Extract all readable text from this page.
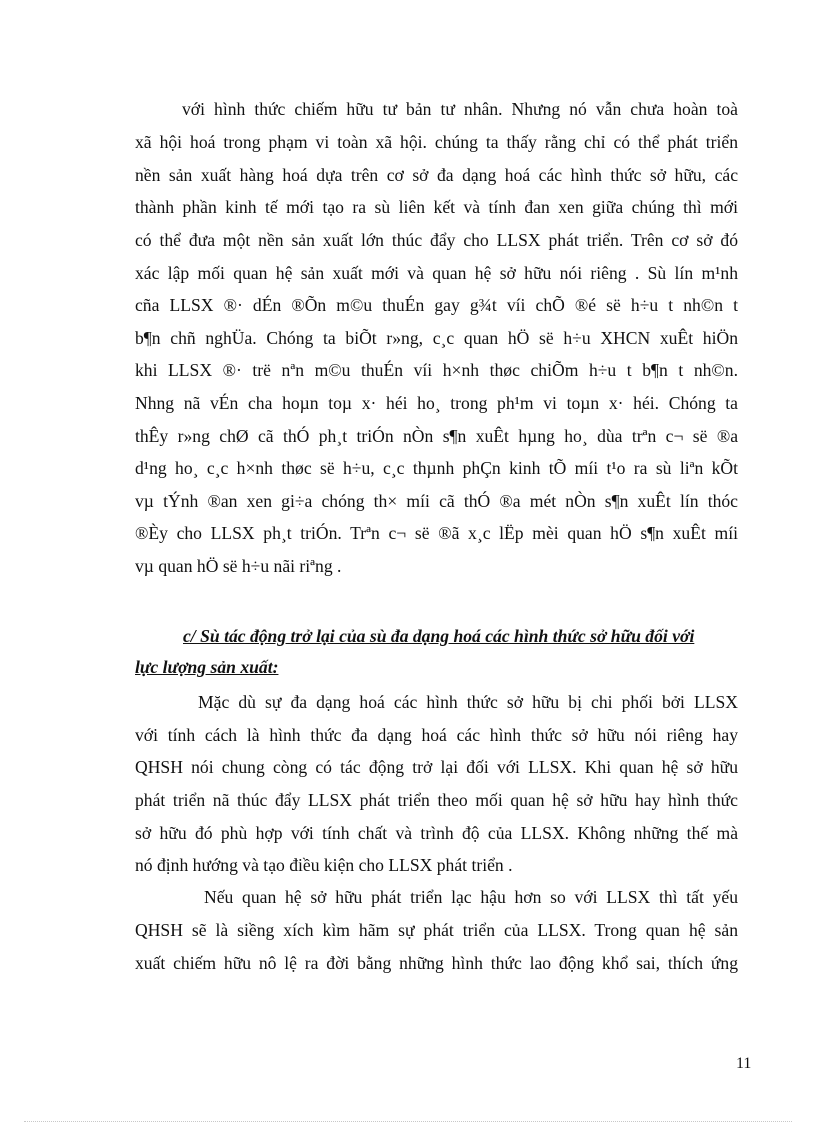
với hình thức chiếm hữu tư bản tư nhân. Nhưng nó vẫn chưa hoàn toà
xã hội hoá trong phạm vi toàn xã hội. chúng ta thấy rằng chỉ có thể phát triển
nền sản xuất hàng hoá dựa trên cơ sở đa dạng hoá các hình thức sở hữu, các
thành phần kinh tế mới tạo ra sù liên kết và tính đan xen giữa chúng thì mới
có thể đưa một nền sản xuất lớn thúc đẩy cho LLSX phát triển. Trên cơ sở đó
xác lập mối quan hệ sản xuất mới và quan hệ sở hữu nói riêng . Sù lín m¹nh
cña LLSX ®· dÉn ®Õn m©u thuÉn gay g¾t víi chÕ ®é së h÷u t nh©n t
b¶n chñ nghÜa. Chóng ta biÕt r»ng, c¸c quan hÖ së h÷u XHCN xuÊt hiÖn
khi LLSX ®· trë nªn m©u thuÉn víi h×nh thøc chiÕm h÷u t b¶n t nh©n.
Nhng nã vÉn cha hoµn toµ x· héi ho¸ trong ph¹m vi toµn x· héi. Chóng ta
thÊy r»ng chØ cã thÓ ph¸t triÓn nÒn s¶n xuÊt hµng ho¸ dùa trªn c¬ së ®a
d¹ng ho¸ c¸c h×nh thøc së h÷u, c¸c thµnh phÇn kinh tÕ míi t¹o ra sù liªn kÕt
vµ tÝnh ®an xen gi÷a chóng th× míi cã thÓ ®a mét nÒn s¶n xuÊt lín thóc
®Èy cho LLSX ph¸t triÓn. Trªn c¬ së ®ã x¸c lËp mèi quan hÖ s¶n xuÊt míi
vµ quan hÖ së h÷u nãi riªng .
c/ Sù tác động trở lại của sù đa dạng hoá các hình thức sở hữu đối với
lực lượng sản xuất:
Mặc dù sự đa dạng hoá các hình thức sở hữu bị chi phối bởi LLSX
với tính cách là hình thức đa dạng hoá các hình thức sở hữu nói riêng hay
QHSH nói chung còng có tác động trở lại đối với LLSX. Khi quan hệ sở hữu
phát triển nã thúc đẩy LLSX phát triển theo mối quan hệ sở hữu hay hình thức
sở hữu đó phù hợp với tính chất và trình độ của LLSX. Không những thế mà
nó định hướng và tạo điều kiện cho LLSX phát triển .
Nếu quan hệ sở hữu phát triển lạc hậu hơn so với LLSX thì tất yếu
QHSH sẽ là siềng xích kìm hãm sự phát triển của LLSX. Trong quan hệ sản
xuất chiếm hữu nô lệ ra đời bằng những hình thức lao động khổ sai, thích ứng
11
